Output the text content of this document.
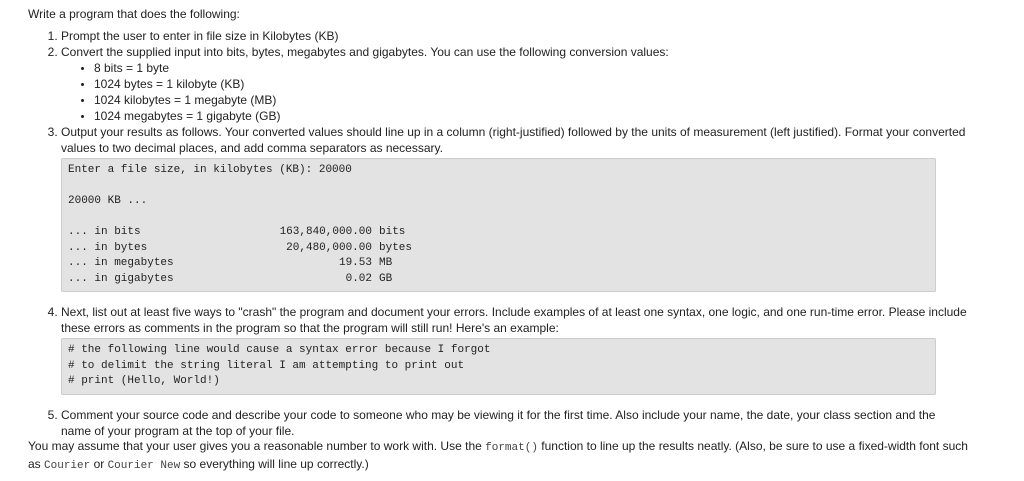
Write a program that does the following:

1. Prompt the user to enter in file size in Kilobytes (KB)
2. Convert the supplied input into bits, bytes, megabytes and gigabytes. You can use the following conversion values:
8 bits = 1 byte
1024 bytes = 1 kilobyte (KB)
1024 kilobytes = 1 megabyte (MB)
1024 megabytes = 1 gigabyte (GB)
3. Output your results as follows. Your converted values should line up in a column (right-justified) followed by the units of measurement (left justified). Format your converted values to two decimal places, and add comma separators as necessary.
Enter a file size, in kilobytes (KB): 20000
20000 KB ...
... in bits	163,840,000.00 bits
... in bytes	20,480,000.00 bytes
... in megabytes	19.53 MB
... in gigabytes	0.02 GB
4. Next, list out at least five ways to "crash" the program and document your errors. Include examples of at least one syntax, one logic, and one run-time error. Please include these errors as comments in the program so that the program will still run! Here's an example:
# the following line would cause a syntax error because I forgot
# to delimit the string literal I am attempting to print out
# print (Hello, World!)
5. Comment your source code and describe your code to someone who may be viewing it for the first time. Also include your name, the date, your class section and the name of your program at the top of your file.

You may assume that your user gives you a reasonable number to work with. Use the format() function to line up the results neatly. (Also, be sure to use a fixed-width font such as Courier or Courier New so everything will line up correctly.)
